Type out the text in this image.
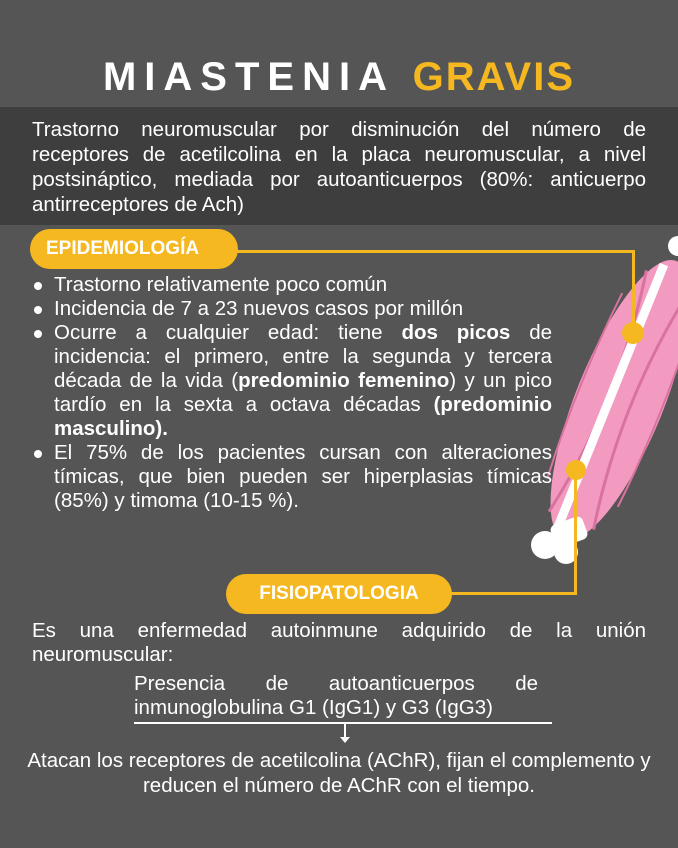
MIASTENIA GRAVIS

Trastorno neuromuscular por disminución del número de receptores de acetilcolina en la placa neuromuscular, a nivel postsináptico, mediada por autoanticuerpos (80%: anticuerpo antirreceptores de Ach)

EPIDEMIOLOGÍA
Trastorno relativamente poco común
Incidencia de 7 a 23 nuevos casos por millón
Ocurre a cualquier edad: tiene dos picos de incidencia: el primero, entre la segunda y tercera década de la vida (predominio femenino) y un pico tardío en la sexta a octava décadas (predominio masculino).
El 75% de los pacientes cursan con alteraciones tímicas, que bien pueden ser hiperplasias tímicas (85%) y timoma (10-15 %).
FISIOPATOLOGIA

Es una enfermedad autoinmune adquirido de la unión neuromuscular:

Presencia de autoanticuerpos de inmunoglobulina G1 (IgG1) y G3 (IgG3)

Atacan los receptores de acetilcolina (AChR), fijan el complemento y reducen el número de AChR con el tiempo.
